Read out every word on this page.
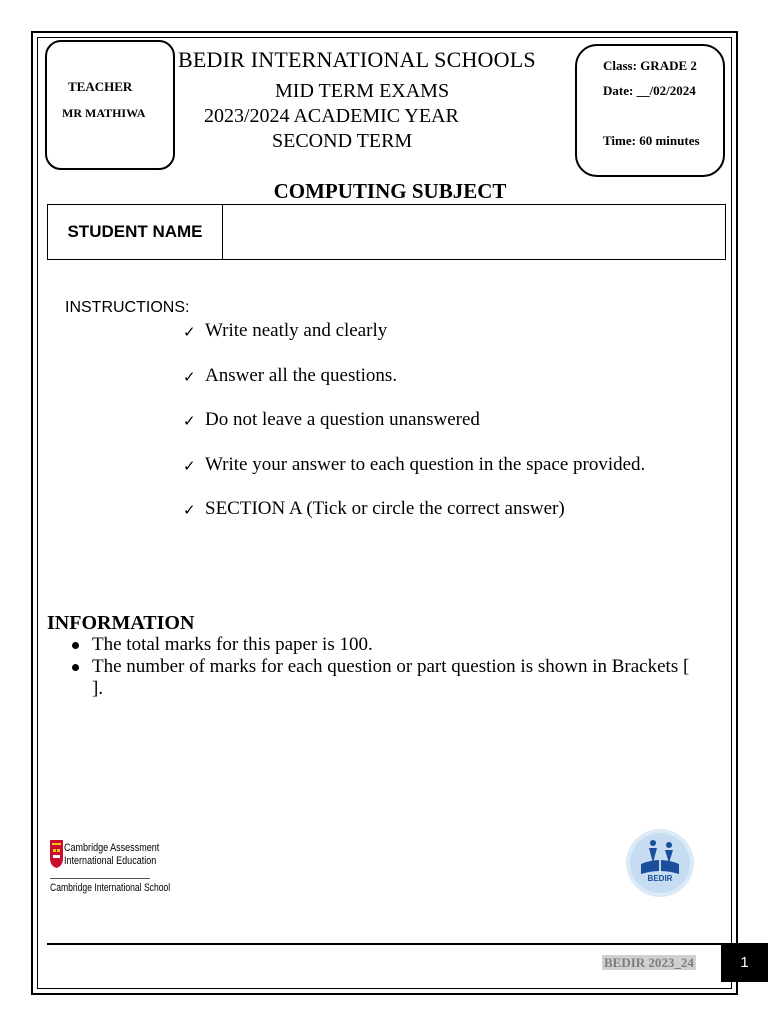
TEACHER
MR MATHIWA
BEDIR INTERNATIONAL SCHOOLS
MID TERM EXAMS
2023/2024 ACADEMIC YEAR
SECOND TERM
Class: GRADE 2
Date: __/02/2024
Time: 60 minutes
COMPUTING SUBJECT
STUDENT NAME
INSTRUCTIONS:
✓ Write neatly and clearly
✓ Answer all the questions.
✓ Do not leave a question unanswered
✓ Write your answer to each question in the space provided.
✓ SECTION A (Tick or circle the correct answer)
INFORMATION
The total marks for this paper is 100.
The number of marks for each question or part question is shown in Brackets [ ].
Cambridge Assessment
International Education
Cambridge International School
BEDIR
BEDIR 2023_24	1
